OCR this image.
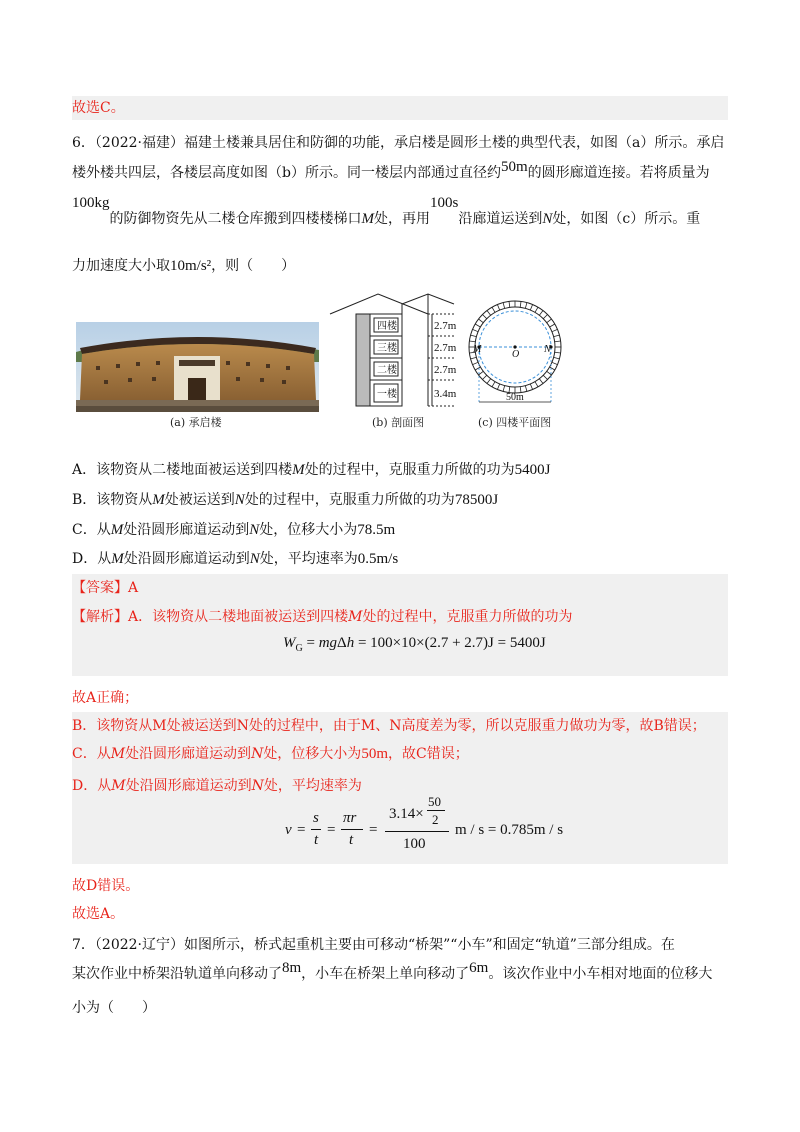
故选C。
6．（2022·福建）福建土楼兼具居住和防御的功能，承启楼是圆形土楼的典型代表，如图（a）所示。承启
楼外楼共四层，各楼层高度如图（b）所示。同一楼层内部通过直径约50m的圆形廊道连接。若将质量为
100kg的防御物资先从二楼仓库搬到四楼楼梯口M处，再用100s沿廊道运送到N处，如图（c）所示。重
力加速度大小取10m/s²，则（　　）
(a) 承启楼
四楼
三楼
二楼
一楼
2.7m
2.7m
2.7m
3.4m
(b) 剖面图
M	O N
50m
(c) 四楼平面图
A．该物资从二楼地面被运送到四楼M处的过程中，克服重力所做的功为5400J
B．该物资从M处被运送到N处的过程中，克服重力所做的功为78500J
C．从M处沿圆形廊道运动到N处，位移大小为78.5m
D．从M处沿圆形廊道运动到N处，平均速率为0.5m/s
【答案】A
【解析】A．该物资从二楼地面被运送到四楼M处的过程中，克服重力所做的功为
$W_G = mg\Delta h = 100\times 10\times(2.7 + 2.7)J = 5400J$
故A正确；
B．该物资从M处被运送到N处的过程中，由于M、N高度差为零，所以克服重力做功为零，故B错误；
C．从M处沿圆形廊道运动到N处，位移大小为50m，故C错误；
D．从M处沿圆形廊道运动到N处，平均速率为
v =
s
t
=
πr
t
=
3.14×
50
2
100
m / s = 0.785m / s
故D错误。
故选A。
7．（2022·辽宁）如图所示，桥式起重机主要由可移动“桥架”“小车”和固定“轨道”三部分组成。在
某次作业中桥架沿轨道单向移动了8m，小车在桥架上单向移动了6m。该次作业中小车相对地面的位移大
小为（　　）
